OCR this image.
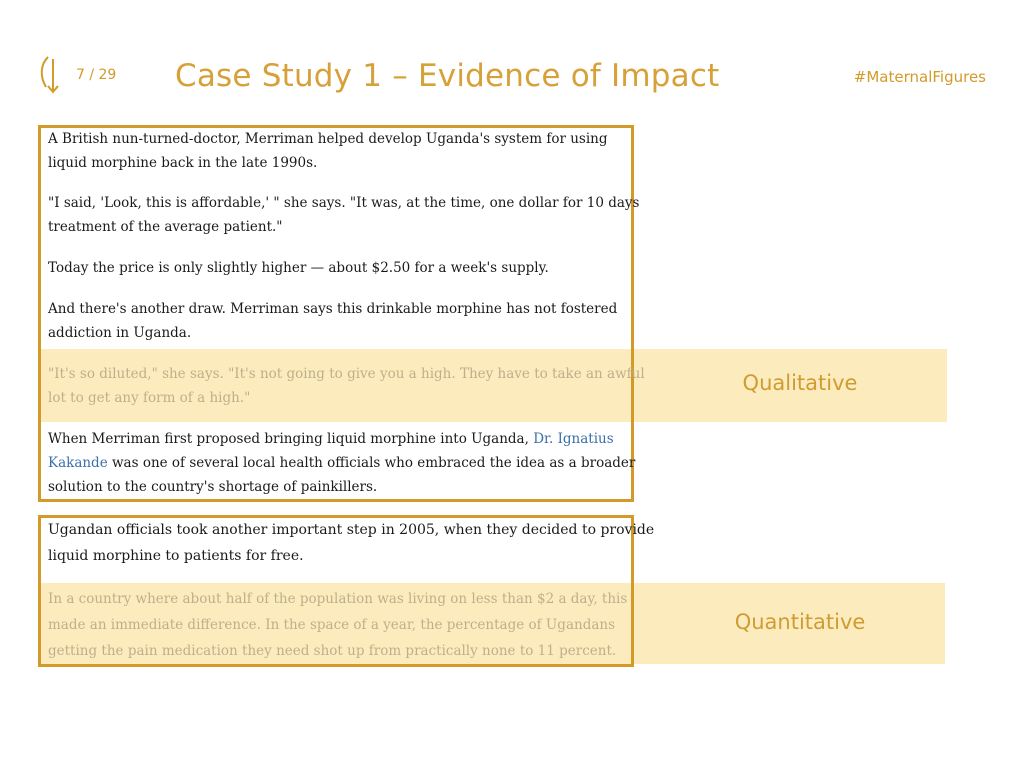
7 / 29 Case Study 1 – Evidence of Impact	#MaternalFigures
Qualitative
Quantitative
A British nun-turned-doctor, Merriman helped develop Uganda's system for using
liquid morphine back in the late 1990s.
"I said, 'Look, this is affordable,' " she says. "It was, at the time, one dollar for 10 days
treatment of the average patient."
Today the price is only slightly higher — about $2.50 for a week's supply.
And there's another draw. Merriman says this drinkable morphine has not fostered
addiction in Uganda.
"It's so diluted," she says. "It's not going to give you a high. They have to take an awful
lot to get any form of a high."
When Merriman first proposed bringing liquid morphine into Uganda, Dr. Ignatius
Kakande was one of several local health officials who embraced the idea as a broader
solution to the country's shortage of painkillers.
Ugandan officials took another important step in 2005, when they decided to provide
liquid morphine to patients for free.
In a country where about half of the population was living on less than $2 a day, this
made an immediate difference. In the space of a year, the percentage of Ugandans
getting the pain medication they need shot up from practically none to 11 percent.
